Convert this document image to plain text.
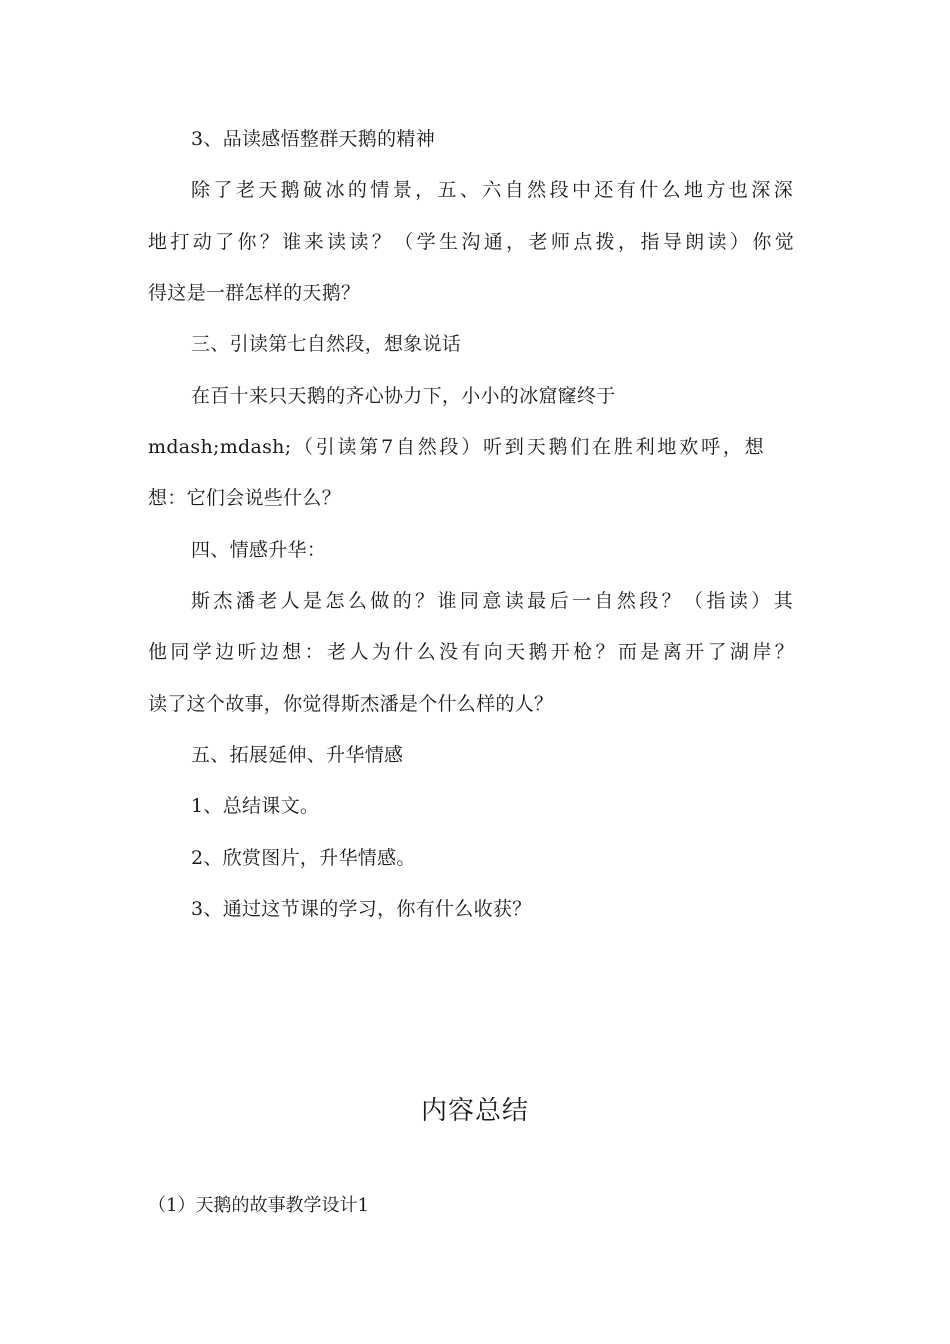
3、品读感悟整群天鹅的精神
除了老天鹅破冰的情景，五、六自然段中还有什么地方也深深
地打动了你？谁来读读？（学生沟通，老师点拨，指导朗读）你觉
得这是一群怎样的天鹅？
三、引读第七自然段，想象说话
在百十来只天鹅的齐心协力下，小小的冰窟窿终于
mdash;mdash;（引读第7自然段）听到天鹅们在胜利地欢呼，想
想：它们会说些什么？
四、情感升华：
斯杰潘老人是怎么做的？谁同意读最后一自然段？（指读）其
他同学边听边想：老人为什么没有向天鹅开枪？而是离开了湖岸？
读了这个故事，你觉得斯杰潘是个什么样的人？
五、拓展延伸、升华情感
1、总结课文。
2、欣赏图片，升华情感。
3、通过这节课的学习，你有什么收获？
内容总结
（1）天鹅的故事教学设计1
